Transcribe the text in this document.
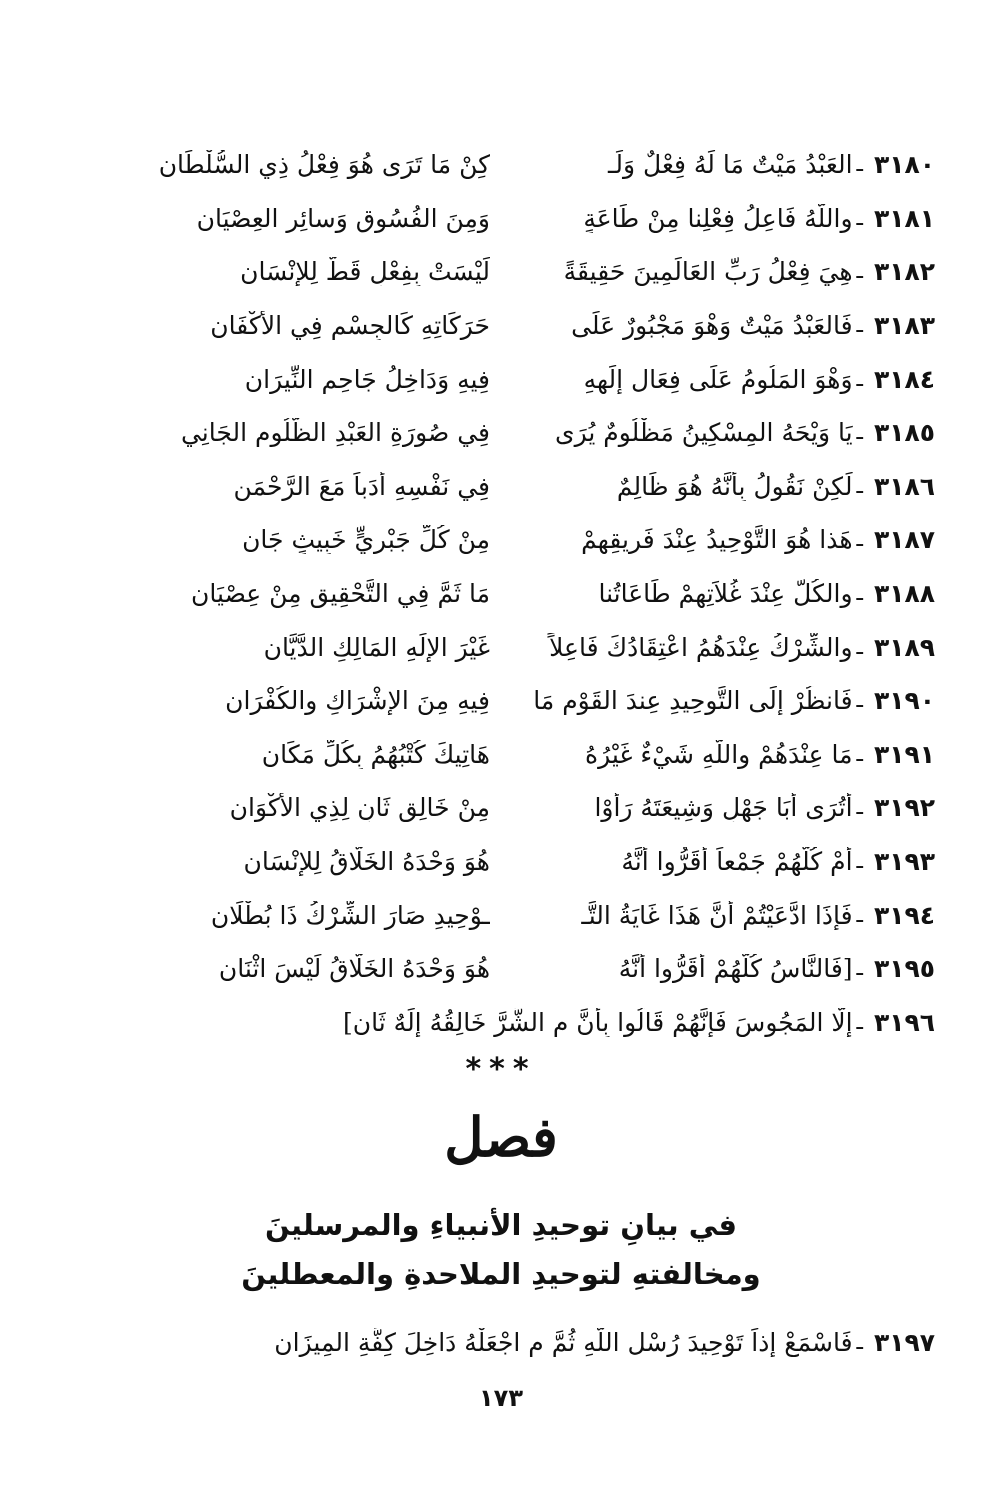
٣١٨٠
ـ
العَبْدُ مَيْتٌ مَا لَهُ فِعْلٌ وَلَـ
كِنْ مَا تَرَى هُوَ فِعْلُ ذِي السُّلْطَانِ
٣١٨١
ـ
واللَّهُ فَاعِلُ فِعْلِنا مِنْ طَاعَةٍ
وَمِنَ الفُسُوقِ وَسائِرِ العِصْيَانِ
٣١٨٢
ـ
هِيَ فِعْلُ رَبِّ العَالَمِينَ حَقِيقَةً
لَيْسَتْ بِفِعْلٍ قَطُّ لِلإِنْسَانِ
٣١٨٣
ـ
فَالعَبْدُ مَيْتٌ وَهْوَ مَجْبُورٌ عَلَى
حَرَكَاتِهِ كَالجِسْمِ فِي الأَكْفَانِ
٣١٨٤
ـ
وَهْوَ المَلُومُ عَلَى فِعَالِ إلَهِهِ
فِيهِ وَدَاخِلُ جَاحِمِ النِّيرَانِ
٣١٨٥
ـ
يَا وَيْحَهُ المِسْكِينُ مَظْلُومٌ يُرَى
فِي صُورَةِ العَبْدِ الظَّلُومِ الجَانِي
٣١٨٦
ـ
لَكِنْ نَقُولُ بِأَنَّهُ هُوَ ظَالِمٌ
فِي نَفْسِهِ أَدَباً مَعَ الرَّحْمَنِ
٣١٨٧
ـ
هَذا هُوَ التَّوْحِيدُ عِنْدَ فَرِيقِهِمْ
مِنْ كُلِّ جَبْرِيٍّ خَبِيثٍ جَانِ
٣١٨٨
ـ
والكُلُّ عِنْدَ غُلاَتِهِمْ طَاعَاتُنا
مَا ثَمَّ فِي التَّحْقِيقِ مِنْ عِصْيَانِ
٣١٨٩
ـ
والشِّرْكُ عِنْدَهُمُ اعْتِقَادُكَ فَاعِلاً
غَيْرَ الإِلَهِ المَالِكِ الدَّيَّانِ
٣١٩٠
ـ
فَانظُرْ إِلَى التَّوحِيدِ عِندَ القَوْمِ مَا
فِيهِ مِنَ الإِشْرَاكِ والكُفْرَانِ
٣١٩١
ـ
مَا عِنْدَهُمْ واللَّهِ شَيْءٌ غَيْرُهُ
هَاتِيكَ كُتْبُهُمُ بِكُلِّ مَكَانِ
٣١٩٢
ـ
أَتُرَى أَبَا جَهْلٍ وَشِيعَتَهُ رَأَوْا
مِنْ خَالِقٍ ثَانٍ لِذِي الأَكْوَانِ
٣١٩٣
ـ
أَمْ كُلُّهُمْ جَمْعاً أَقَرُّوا أَنَّهُ
هُوَ وَحْدَهُ الخَلَّاقُ لِلإِنْسَانِ
٣١٩٤
ـ
فَإِذَا ادَّعَيْتُمْ أَنَّ هَذَا غَايَةُ التَّـ
ـوْحِيدِ صَارَ الشِّرْكُ ذَا بُطْلَانِ
٣١٩٥
ـ
[فَالنَّاسُ كُلُّهُمْ أَقَرُّوا أَنَّهُ
هُوَ وَحْدَهُ الخَلَّاقُ لَيْسَ اثْنَانِ
٣١٩٦
ـ
إِلَّا المَجُوسَ فَإِنَّهُمْ قَالُوا بِأَنَّ م الشَّرَّ خَالِقُهُ إِلَهٌ ثَانِ]
***
فصل
في بيانِ توحيدِ الأنبياءِ والمرسلينَ
ومخالفتهِ لتوحيدِ الملاحدةِ والمعطلينَ
٣١٩٧
ـ
فَاسْمَعْ إِذاً تَوْحِيدَ رُسْلِ اللَّهِ ثُمَّ م اجْعَلْهُ دَاخِلَ كِفَّةِ المِيزَانِ
١٧٣
